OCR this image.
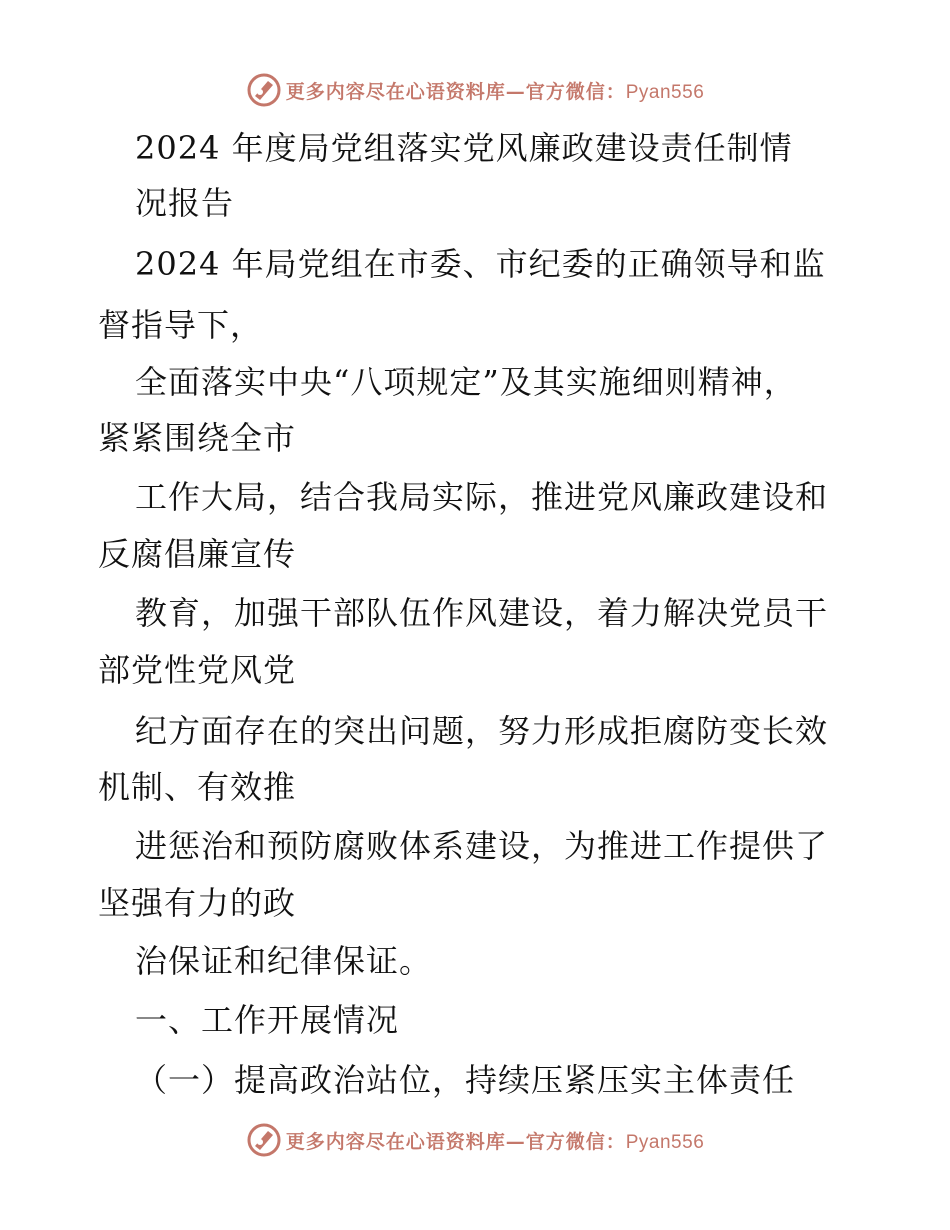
更多内容尽在心语资料库—官方微信：Pyan556
2024 年度局党组落实党风廉政建设责任制情
况报告
2024 年局党组在市委、市纪委的正确领导和监
督指导下，
全面落实中央“八项规定”及其实施细则精神，
紧紧围绕全市
工作大局，结合我局实际，推进党风廉政建设和
反腐倡廉宣传
教育，加强干部队伍作风建设，着力解决党员干
部党性党风党
纪方面存在的突出问题，努力形成拒腐防变长效
机制、有效推
进惩治和预防腐败体系建设，为推进工作提供了
坚强有力的政
治保证和纪律保证。
一、工作开展情况
（一）提高政治站位，持续压紧压实主体责任
更多内容尽在心语资料库—官方微信：Pyan556
